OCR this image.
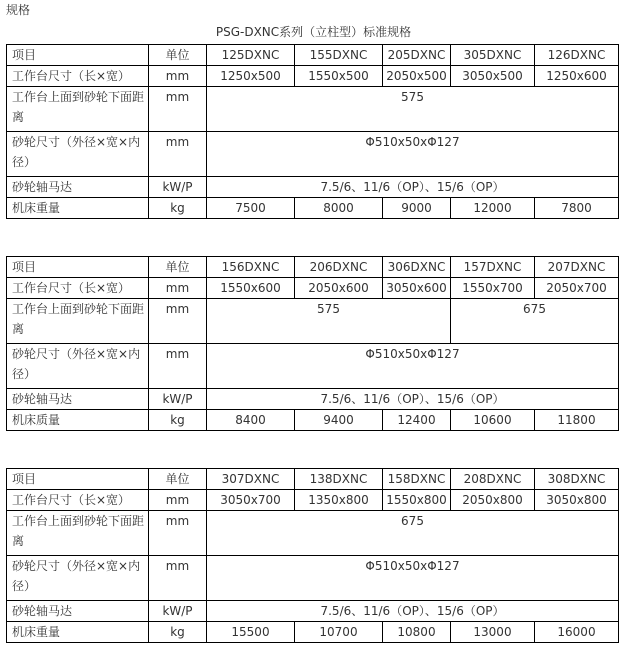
规格
PSG-DXNC系列（立柱型）标准规格
项目	单位	125DXNC	155DXNC	205DXNC	305DXNC	126DXNC
工作台尺寸（长×宽）	mm	1250x500	1550x500	2050x500	3050x500	1250x600
工作台上面到砂轮下面距离	mm	575				
砂轮尺寸（外径×宽×内径）	mm	Φ510x50xΦ127				
砂轮轴马达	kW/P	7.5/6、11/6（OP）、15/6（OP）				
机床重量	kg	7500	8000	9000	12000	7800
项目	单位	156DXNC	206DXNC	306DXNC	157DXNC	207DXNC
工作台尺寸（长×宽）	mm	1550x600	2050x600	3050x600	1550x700	2050x700
工作台上面到砂轮下面距离	mm	575			675	
砂轮尺寸（外径×宽×内径）	mm	Φ510x50xΦ127				
砂轮轴马达	kW/P	7.5/6、11/6（OP）、15/6（OP）				
机床质量	kg	8400	9400	12400	10600	11800
项目	单位	307DXNC	138DXNC	158DXNC	208DXNC	308DXNC
工作台尺寸（长×宽）	mm	3050x700	1350x800	1550x800	2050x800	3050x800
工作台上面到砂轮下面距离	mm	675				
砂轮尺寸（外径×宽×内径）	mm	Φ510x50xΦ127				
砂轮轴马达	kW/P	7.5/6、11/6（OP）、15/6（OP）				
机床重量	kg	15500	10700	10800	13000	16000
